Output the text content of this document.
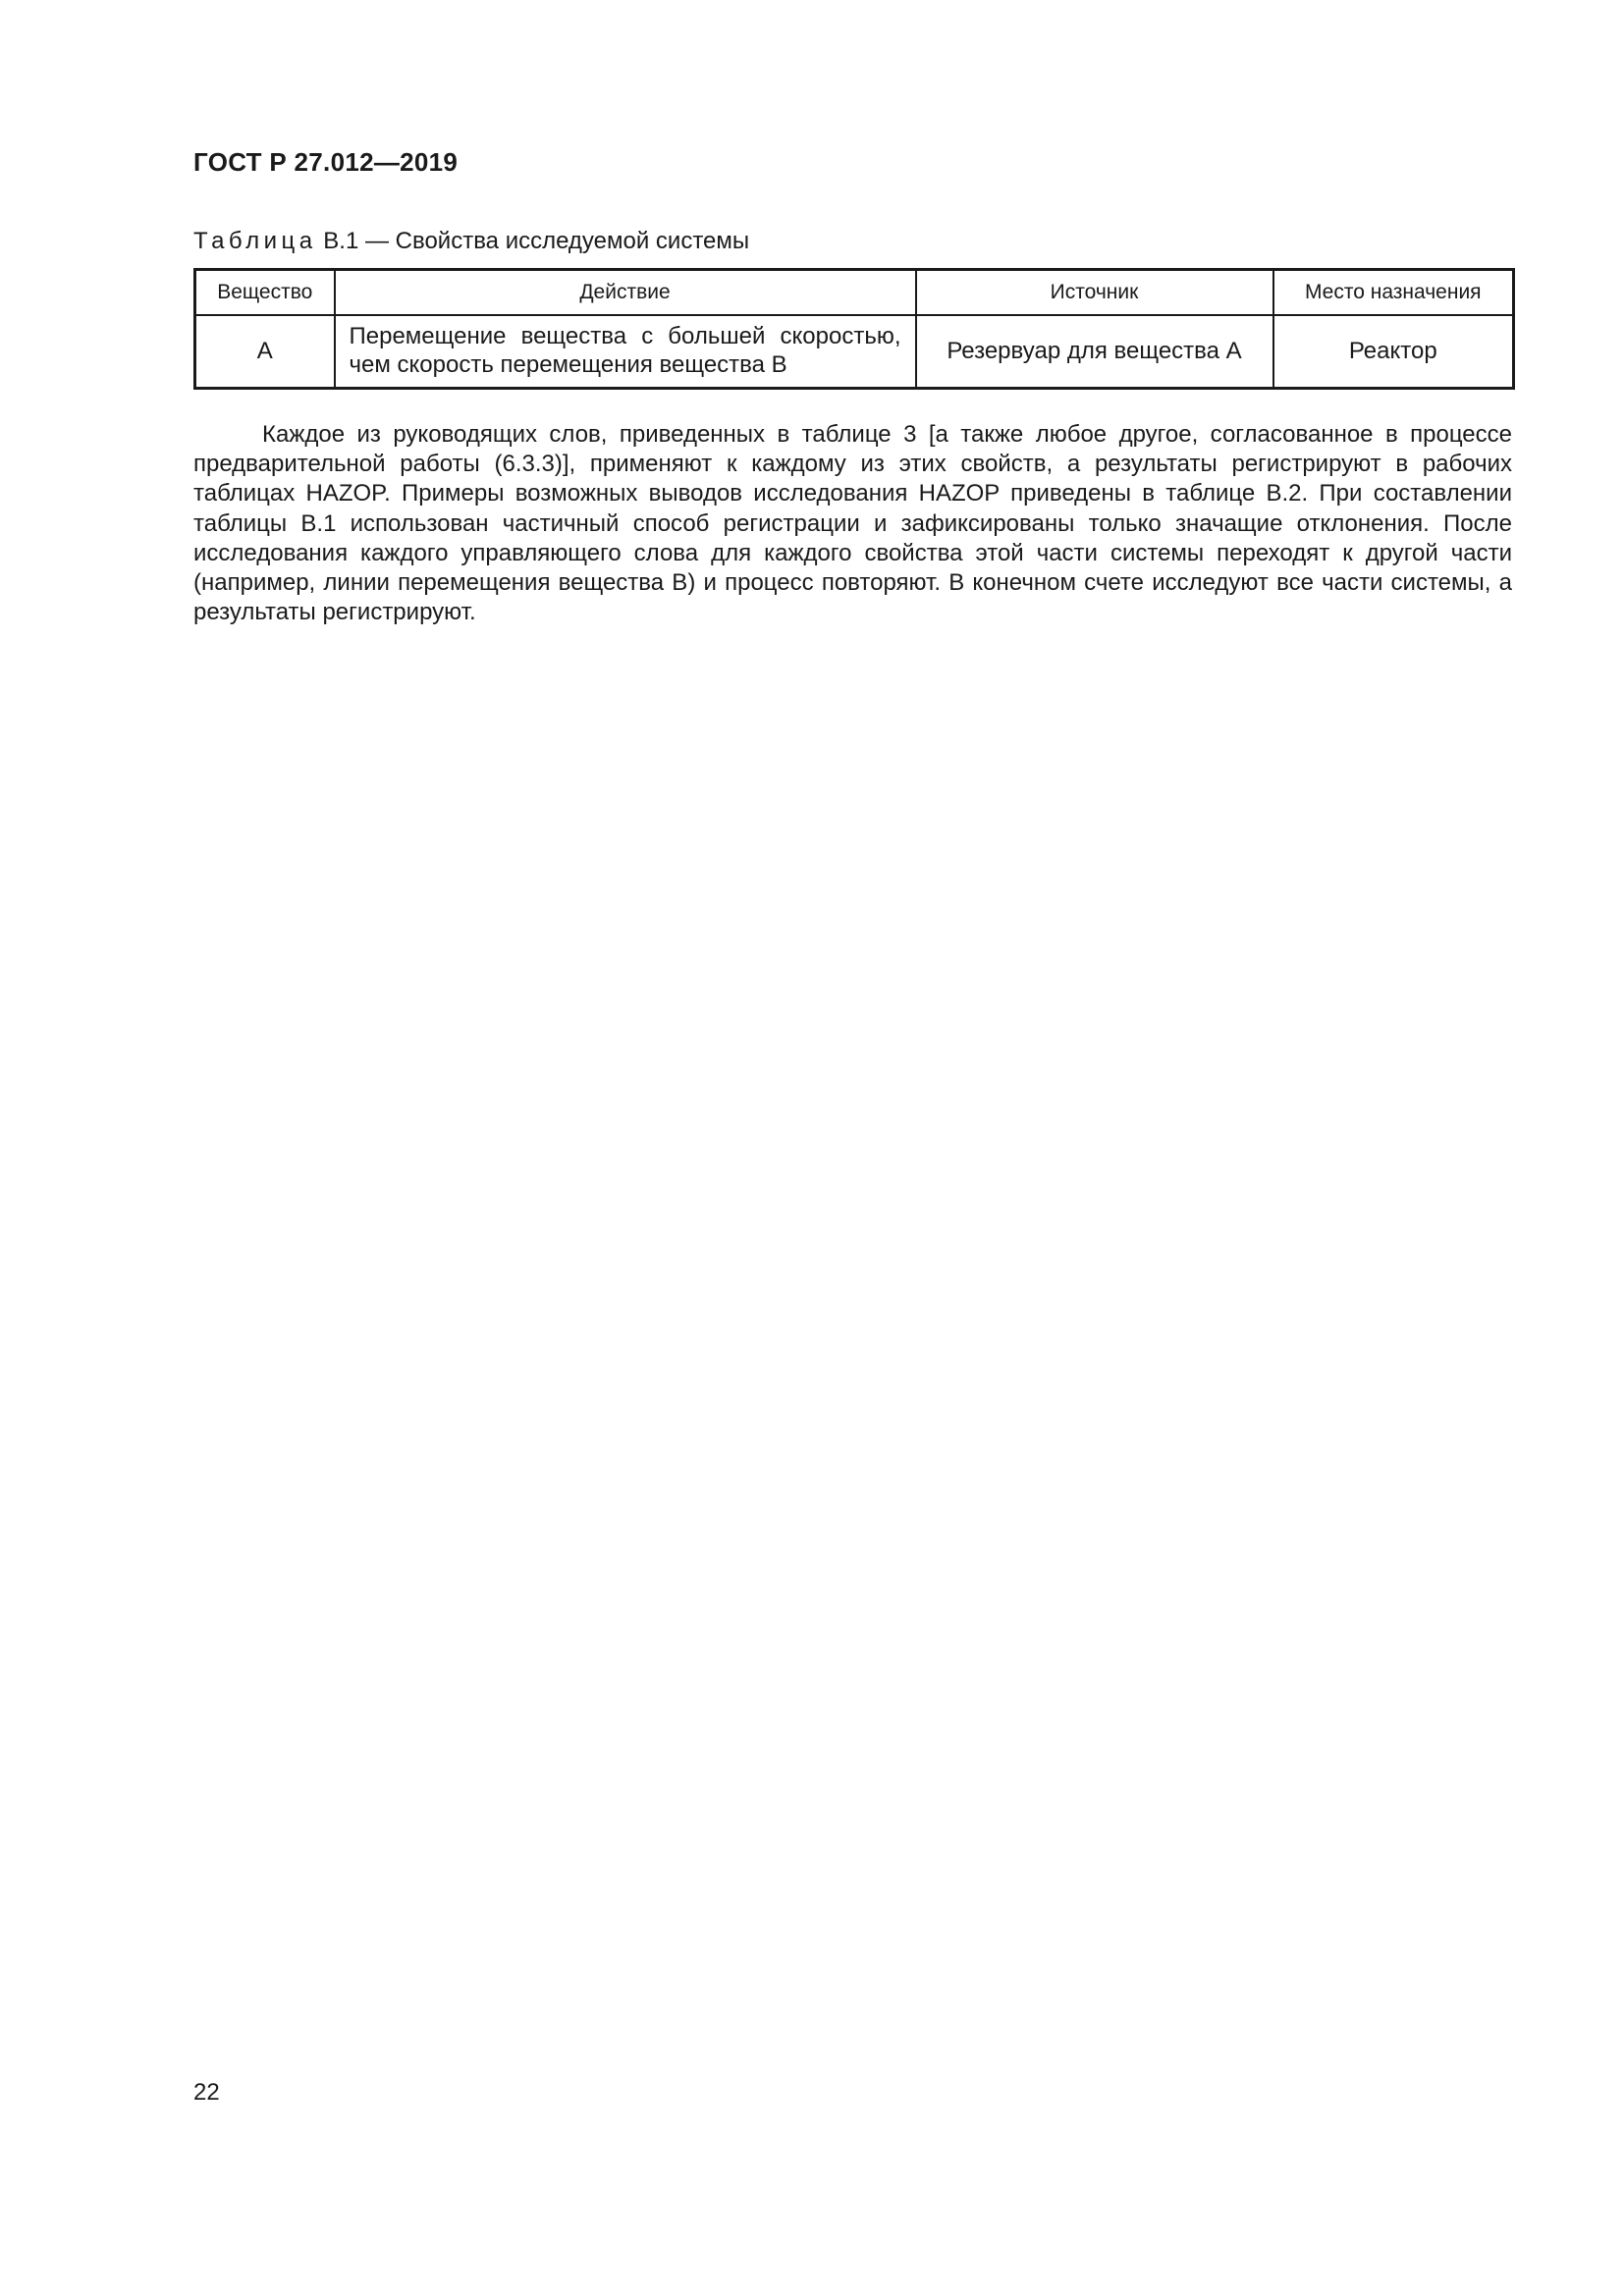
ГОСТ Р 27.012—2019
Таблица В.1 — Свойства исследуемой системы
Вещество	Действие	Источник	Место назначения
А	Перемещение вещества с большей скоростью, чем скорость перемещения вещества В	Резервуар для вещества А	Реактор

Каждое из руководящих слов, приведенных в таблице 3 [а также любое другое, согласованное в процессе предварительной работы (6.3.3)], применяют к каждому из этих свойств, а результаты регистрируют в рабочих таблицах HAZOP. Примеры возможных выводов исследования HAZOP приведены в таблице В.2. При составлении таблицы В.1 использован частичный способ регистрации и зафиксированы только значащие отклонения. После исследования каждого управляющего слова для каждого свойства этой части системы переходят к другой части (например, линии перемещения вещества В) и процесс повторяют. В конечном счете исследуют все части системы, а результаты регистрируют.

22
